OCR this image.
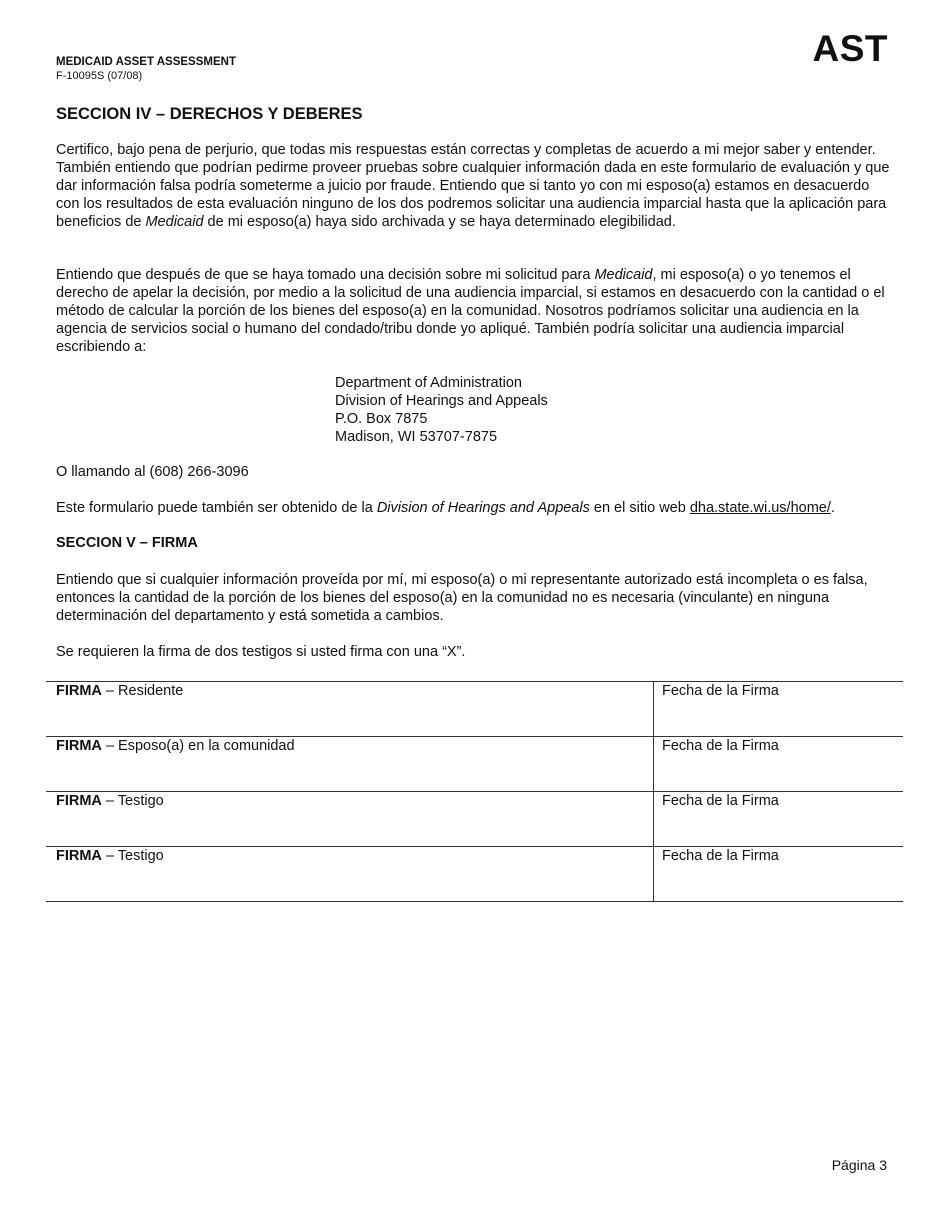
MEDICAID ASSET ASSESSMENT
F-10095S (07/08)
AST
SECCION IV – DERECHOS Y DEBERES

Certifico, bajo pena de perjurio, que todas mis respuestas están correctas y completas de acuerdo a mi mejor saber y entender. También entiendo que podrían pedirme proveer pruebas sobre cualquier información dada en este formulario de evaluación y que dar información falsa podría someterme a juicio por fraude. Entiendo que si tanto yo con mi esposo(a) estamos en desacuerdo con los resultados de esta evaluación ninguno de los dos podremos solicitar una audiencia imparcial hasta que la aplicación para beneficios de Medicaid de mi esposo(a) haya sido archivada y se haya determinado elegibilidad.

Entiendo que después de que se haya tomado una decisión sobre mi solicitud para Medicaid, mi esposo(a) o yo tenemos el derecho de apelar la decisión, por medio a la solicitud de una audiencia imparcial, si estamos en desacuerdo con la cantidad o el método de calcular la porción de los bienes del esposo(a) en la comunidad. Nosotros podríamos solicitar una audiencia en la agencia de servicios social o humano del condado/tribu donde yo apliqué. También podría solicitar una audiencia imparcial escribiendo a:

Department of Administration
Division of Hearings and Appeals
P.O. Box 7875
Madison, WI 53707-7875

O llamando al (608) 266-3096

Este formulario puede también ser obtenido de la Division of Hearings and Appeals en el sitio web dha.state.wi.us/home/.

SECCION V – FIRMA

Entiendo que si cualquier información proveída por mí, mi esposo(a) o mi representante autorizado está incompleta o es falsa, entonces la cantidad de la porción de los bienes del esposo(a) en la comunidad no es necesaria (vinculante) en ninguna determinación del departamento y está sometida a cambios.

Se requieren la firma de dos testigos si usted firma con una “X”.

FIRMA – Residente	Fecha de la Firma
FIRMA – Esposo(a) en la comunidad	Fecha de la Firma
FIRMA – Testigo	Fecha de la Firma
FIRMA – Testigo	Fecha de la Firma
Página 3
